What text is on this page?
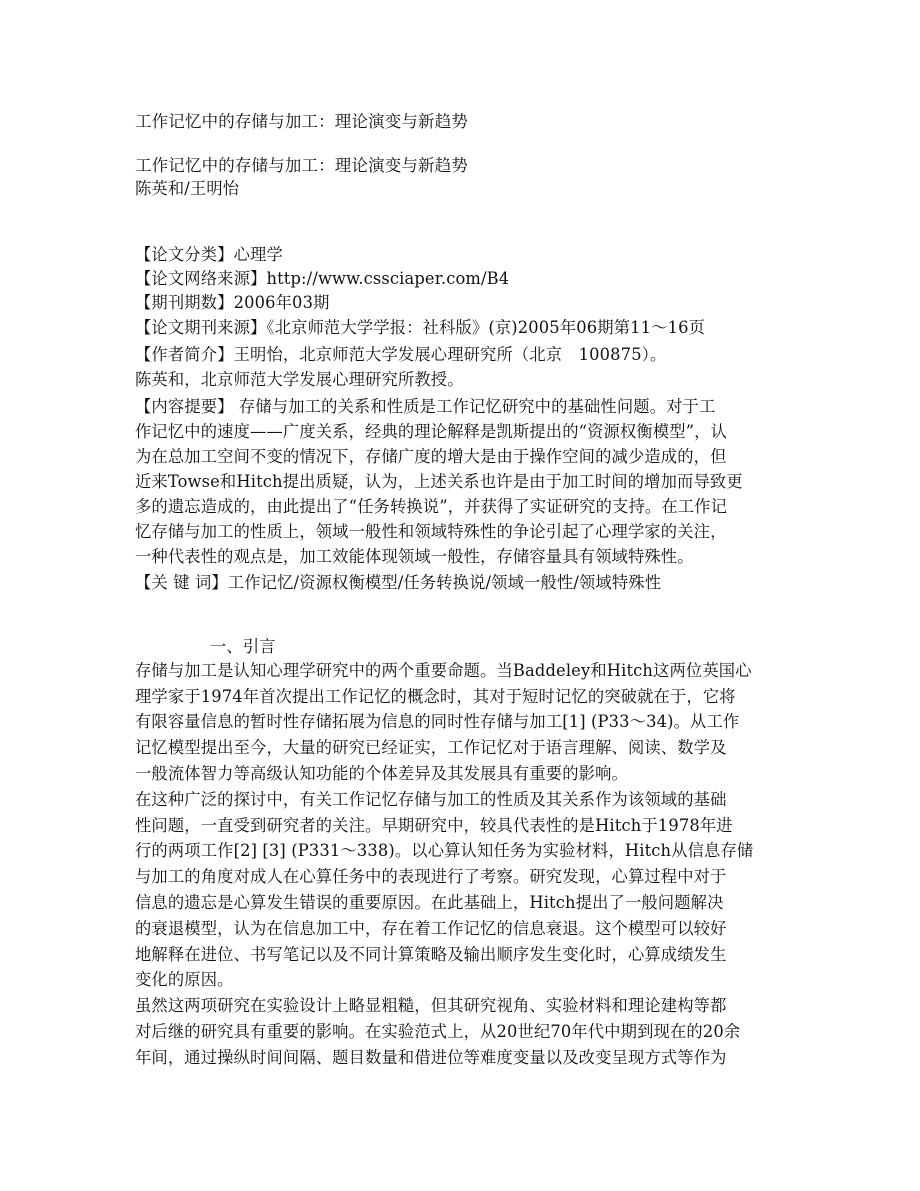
工作记忆中的存储与加工：理论演变与新趋势
工作记忆中的存储与加工：理论演变与新趋势
陈英和/王明怡
【论文分类】心理学
【论文网络来源】http://www.cssciaper.com/B4
【期刊期数】2006年03期
【论文期刊来源】《北京师范大学学报：社科版》(京)2005年06期第11～16页
【作者简介】王明怡，北京师范大学发展心理研究所（北京　100875）。
陈英和，北京师范大学发展心理研究所教授。
【内容提要】 存储与加工的关系和性质是工作记忆研究中的基础性问题。对于工
作记忆中的速度——广度关系，经典的理论解释是凯斯提出的“资源权衡模型”，认
为在总加工空间不变的情况下，存储广度的增大是由于操作空间的减少造成的，但
近来Towse和Hitch提出质疑，认为，上述关系也许是由于加工时间的增加而导致更
多的遗忘造成的，由此提出了“任务转换说”，并获得了实证研究的支持。在工作记
忆存储与加工的性质上，领域一般性和领域特殊性的争论引起了心理学家的关注，
一种代表性的观点是，加工效能体现领域一般性，存储容量具有领域特殊性。
【关 键 词】工作记忆/资源权衡模型/任务转换说/领域一般性/领域特殊性
一、引言
存储与加工是认知心理学研究中的两个重要命题。当Baddeley和Hitch这两位英国心
理学家于1974年首次提出工作记忆的概念时，其对于短时记忆的突破就在于，它将
有限容量信息的暂时性存储拓展为信息的同时性存储与加工[1] (P33～34)。从工作
记忆模型提出至今，大量的研究已经证实，工作记忆对于语言理解、阅读、数学及
一般流体智力等高级认知功能的个体差异及其发展具有重要的影响。
在这种广泛的探讨中，有关工作记忆存储与加工的性质及其关系作为该领域的基础
性问题，一直受到研究者的关注。早期研究中，较具代表性的是Hitch于1978年进
行的两项工作[2] [3] (P331～338)。以心算认知任务为实验材料，Hitch从信息存储
与加工的角度对成人在心算任务中的表现进行了考察。研究发现，心算过程中对于
信息的遗忘是心算发生错误的重要原因。在此基础上，Hitch提出了一般问题解决
的衰退模型，认为在信息加工中，存在着工作记忆的信息衰退。这个模型可以较好
地解释在进位、书写笔记以及不同计算策略及输出顺序发生变化时，心算成绩发生
变化的原因。
虽然这两项研究在实验设计上略显粗糙，但其研究视角、实验材料和理论建构等都
对后继的研究具有重要的影响。在实验范式上，从20世纪70年代中期到现在的20余
年间，通过操纵时间间隔、题目数量和借进位等难度变量以及改变呈现方式等作为
